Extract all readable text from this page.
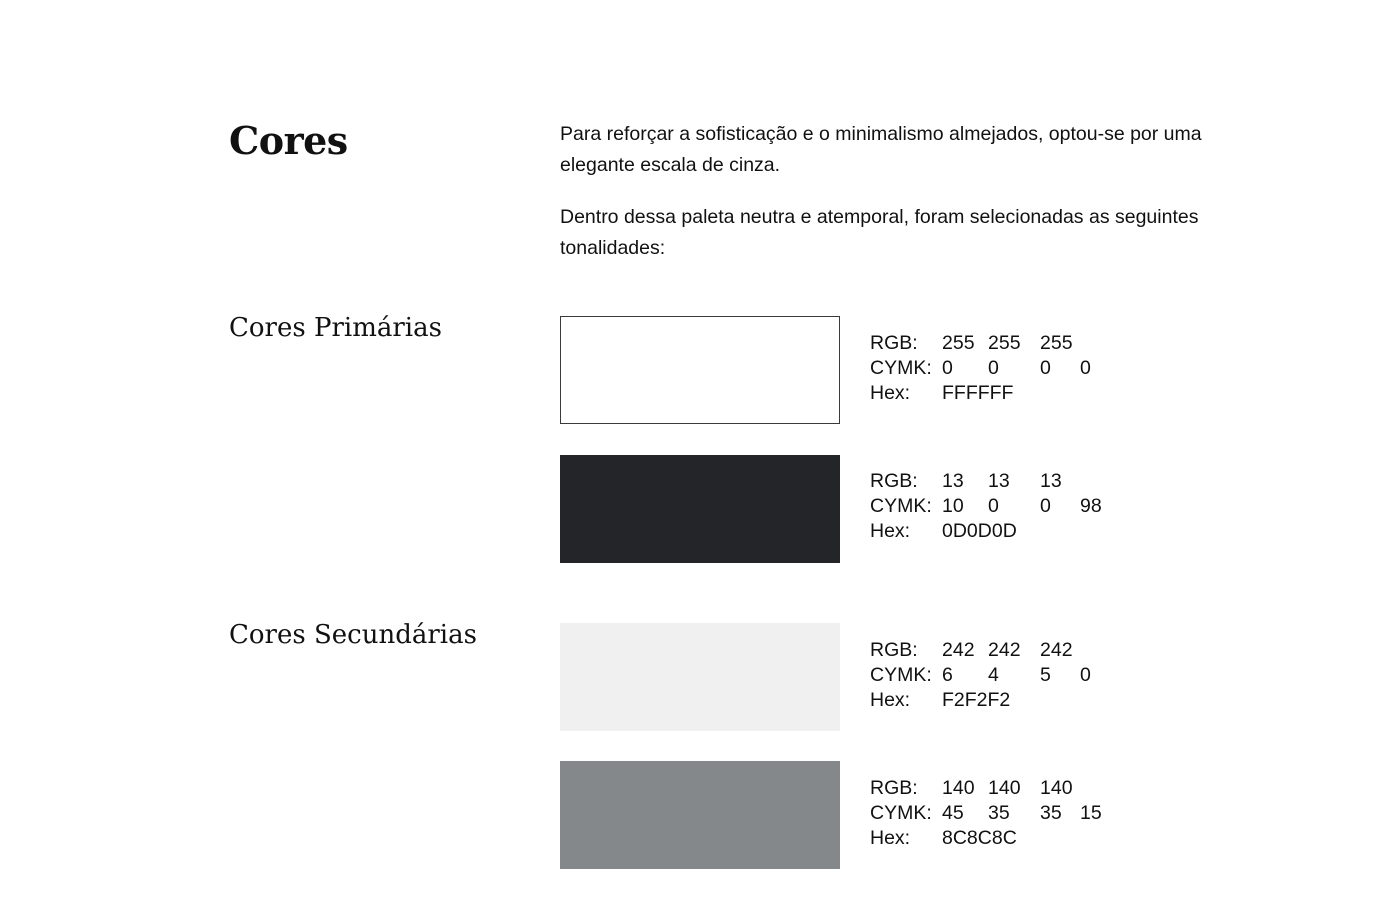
Cores	Para reforçar a sofisticação e o minimalismo almejados, optou-se por uma elegante escala de cinza.

Dentro dessa paleta neutra e atemporal, foram selecionadas as seguintes tonalidades:

Cores Primárias	RGB: 255 255 255
CYMK: 0 0 0 0
Hex: FFFFFF
RGB: 13 13 13
CYMK: 10 0 0 98
Hex: 0D0D0D
Cores Secundárias	RGB: 242 242 242
CYMK: 6 4 5 0
Hex: F2F2F2
RGB: 140 140 140
CYMK: 45 35 35 15
Hex: 8C8C8C
